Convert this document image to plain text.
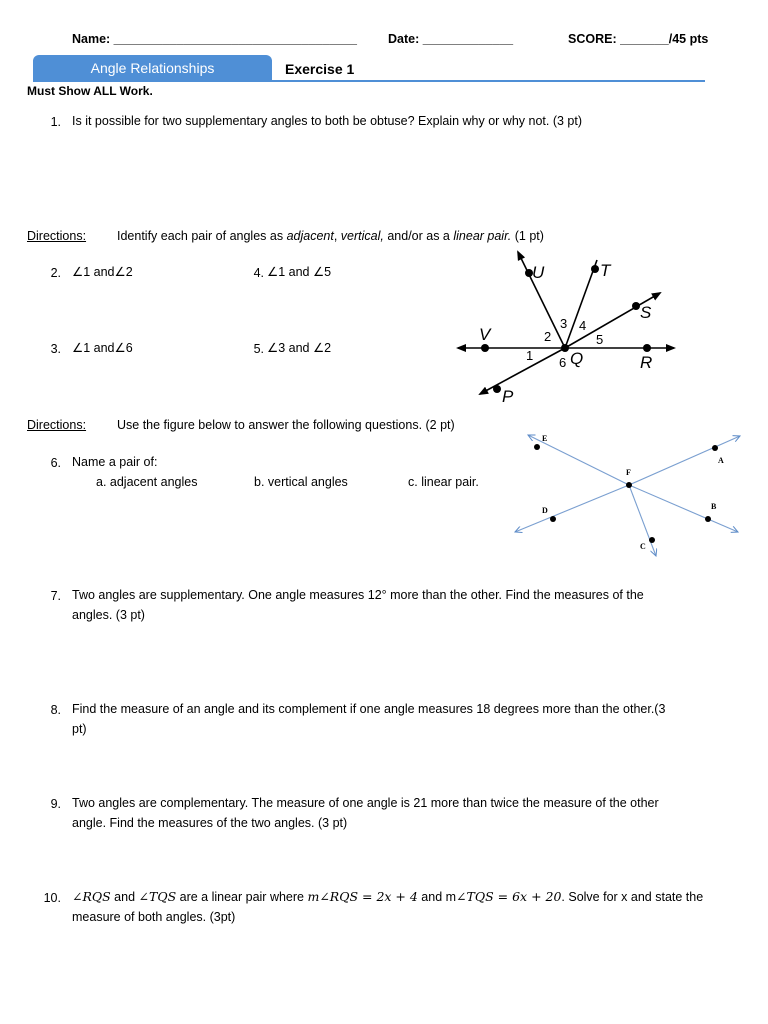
Name: ___________________________________ Date: _____________	SCORE: _______/45 pts
Angle Relationships	Exercise 1
Must Show ALL Work.
1. Is it possible for two supplementary angles to both be obtuse? Explain why or why not. (3 pt)
Directions: Identify each pair of angles as adjacent, vertical, and/or as a linear pair. (1 pt)
2. ∠1 and∠2	4. ∠1 and ∠5
3. ∠1 and∠6	5. ∠3 and ∠2
U	T
S
V
Q	R
P
1
2
3 4
5
6
Directions: Use the figure below to answer the following questions. (2 pt)
6. Name a pair of:
a. adjacent angles	b. vertical angles	c. linear pair.
E
A
F
D	B
C
7. Two angles are supplementary. One angle measures 12° more than the other. Find the measures of the
angles. (3 pt)
8. Find the measure of an angle and its complement if one angle measures 18 degrees more than the other.(3
pt)
9. Two angles are complementary. The measure of one angle is 21 more than twice the measure of the other
angle. Find the measures of the two angles. (3 pt)
10. ∠RQS and ∠TQS are a linear pair where m∠RQS = 2x + 4 and m∠TQS = 6x + 20. Solve for x and state the
measure of both angles. (3pt)
